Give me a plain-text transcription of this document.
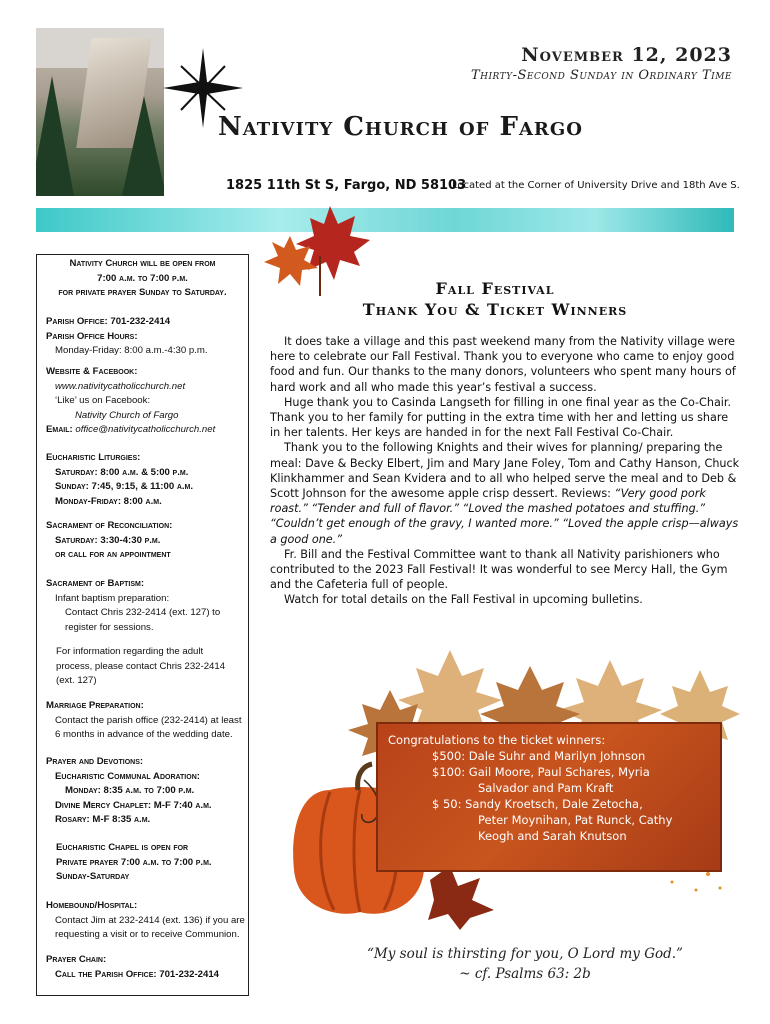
November 12, 2023
Thirty-Second Sunday in Ordinary Time
Nativity Church of Fargo
1825 11th St S, Fargo, ND 58103
Located at the Corner of University Drive and 18th Ave S.

Nativity Church will be open from

7:00 a.m. to 7:00 p.m.

for private prayer Sunday to Saturday.

Parish Office: 701-232-2414

Parish Office Hours:

Monday-Friday: 8:00 a.m.-4:30 p.m.

Website & Facebook:

www.nativitycatholicchurch.net

‘Like’ us on Facebook:

Nativity Church of Fargo

Email: office@nativitycatholicchurch.net

Eucharistic Liturgies:

Saturday: 8:00 a.m. & 5:00 p.m.

Sunday: 7:45, 9:15, & 11:00 a.m.

Monday-Friday: 8:00 a.m.

Sacrament of Reconciliation:

Saturday: 3:30-4:30 p.m.

or call for an appointment

Sacrament of Baptism:

Infant baptism preparation:

Contact Chris 232-2414 (ext. 127) to

register for sessions.

For information regarding the adult

process, please contact Chris 232-2414

(ext. 127)

Marriage Preparation:

Contact the parish office (232-2414) at least

6 months in advance of the wedding date.

Prayer and Devotions:

Eucharistic Communal Adoration:

Monday: 8:35 a.m. to 7:00 p.m.

Divine Mercy Chaplet: M-F 7:40 a.m.

Rosary: M-F 8:35 a.m.

Eucharistic Chapel is open for

Private prayer 7:00 a.m. to 7:00 p.m.

Sunday-Saturday

Homebound/Hospital:

Contact Jim at 232-2414 (ext. 136) if you are

requesting a visit or to receive Communion.

Prayer Chain:

Call the Parish Office: 701-232-2414

Fall Festival
Thank You & Ticket Winners

It does take a village and this past weekend many from the Nativity village were here to celebrate our Fall Festival. Thank you to everyone who came to enjoy good food and fun. Our thanks to the many donors, volunteers who spent many hours of hard work and all who made this year’s festival a success.

Huge thank you to Casinda Langseth for filling in one final year as the Co-Chair. Thank you to her family for putting in the extra time with her and letting us share in her talents. Her keys are handed in for the next Fall Festival Co-Chair.

Thank you to the following Knights and their wives for planning/ preparing the meal: Dave & Becky Elbert, Jim and Mary Jane Foley, Tom and Cathy Hanson, Chuck Klinkhammer and Sean Kvidera and to all who helped serve the meal and to Deb & Scott Johnson for the awesome apple crisp dessert. Reviews: “Very good pork roast.” “Tender and full of flavor.” “Loved the mashed potatoes and stuffing.” “Couldn’t get enough of the gravy, I wanted more.” “Loved the apple crisp—always a good one.”

Fr. Bill and the Festival Committee want to thank all Nativity parishioners who contributed to the 2023 Fall Festival! It was wonderful to see Mercy Hall, the Gym and the Cafeteria full of people.

Watch for total details on the Fall Festival in upcoming bulletins.

Congratulations to the ticket winners:
$500: Dale Suhr and Marilyn Johnson
$100: Gail Moore, Paul Schares, Myria
Salvador and Pam Kraft
$ 50: Sandy Kroetsch, Dale Zetocha,
Peter Moynihan, Pat Runck, Cathy
Keogh and Sarah Knutson
“My soul is thirsting for you, O Lord my God.”
~ cf. Psalms 63: 2b
